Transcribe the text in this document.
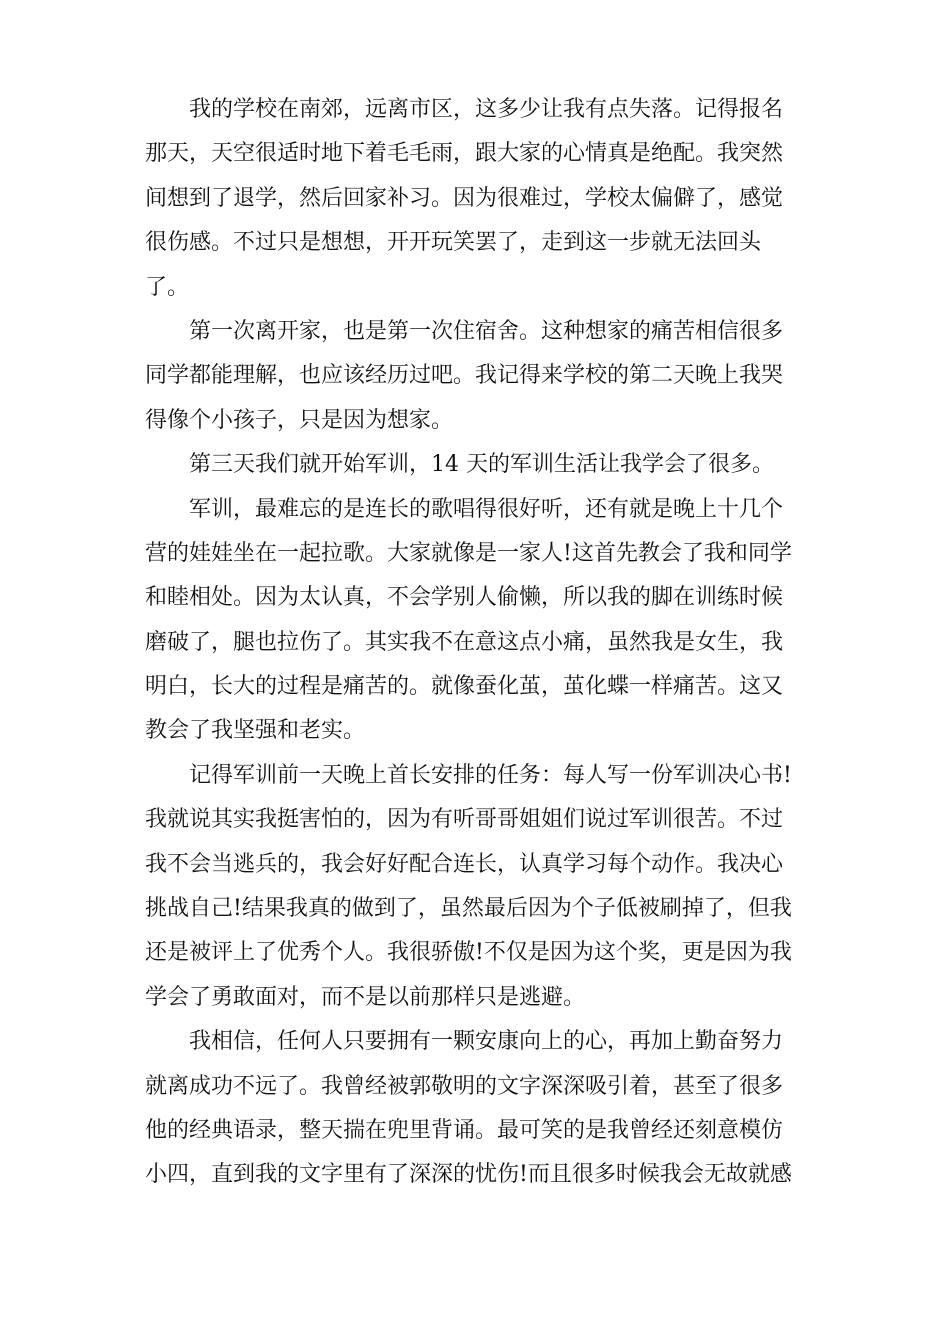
我的学校在南郊，远离市区，这多少让我有点失落。记得报名
那天，天空很适时地下着毛毛雨，跟大家的心情真是绝配。我突然
间想到了退学，然后回家补习。因为很难过，学校太偏僻了，感觉
很伤感。不过只是想想，开开玩笑罢了，走到这一步就无法回头
了。

第一次离开家，也是第一次住宿舍。这种想家的痛苦相信很多
同学都能理解，也应该经历过吧。我记得来学校的第二天晚上我哭
得像个小孩子，只是因为想家。

第三天我们就开始军训，14 天的军训生活让我学会了很多。

军训，最难忘的是连长的歌唱得很好听，还有就是晚上十几个
营的娃娃坐在一起拉歌。大家就像是一家人!这首先教会了我和同学
和睦相处。因为太认真，不会学别人偷懒，所以我的脚在训练时候
磨破了，腿也拉伤了。其实我不在意这点小痛，虽然我是女生，我
明白，长大的过程是痛苦的。就像蚕化茧，茧化蝶一样痛苦。这又
教会了我坚强和老实。

记得军训前一天晚上首长安排的任务：每人写一份军训决心书!
我就说其实我挺害怕的，因为有听哥哥姐姐们说过军训很苦。不过
我不会当逃兵的，我会好好配合连长，认真学习每个动作。我决心
挑战自己!结果我真的做到了，虽然最后因为个子低被刷掉了，但我
还是被评上了优秀个人。我很骄傲!不仅是因为这个奖，更是因为我
学会了勇敢面对，而不是以前那样只是逃避。

我相信，任何人只要拥有一颗安康向上的心，再加上勤奋努力
就离成功不远了。我曾经被郭敬明的文字深深吸引着，甚至了很多
他的经典语录，整天揣在兜里背诵。最可笑的是我曾经还刻意模仿
小四，直到我的文字里有了深深的忧伤!而且很多时候我会无故就感
